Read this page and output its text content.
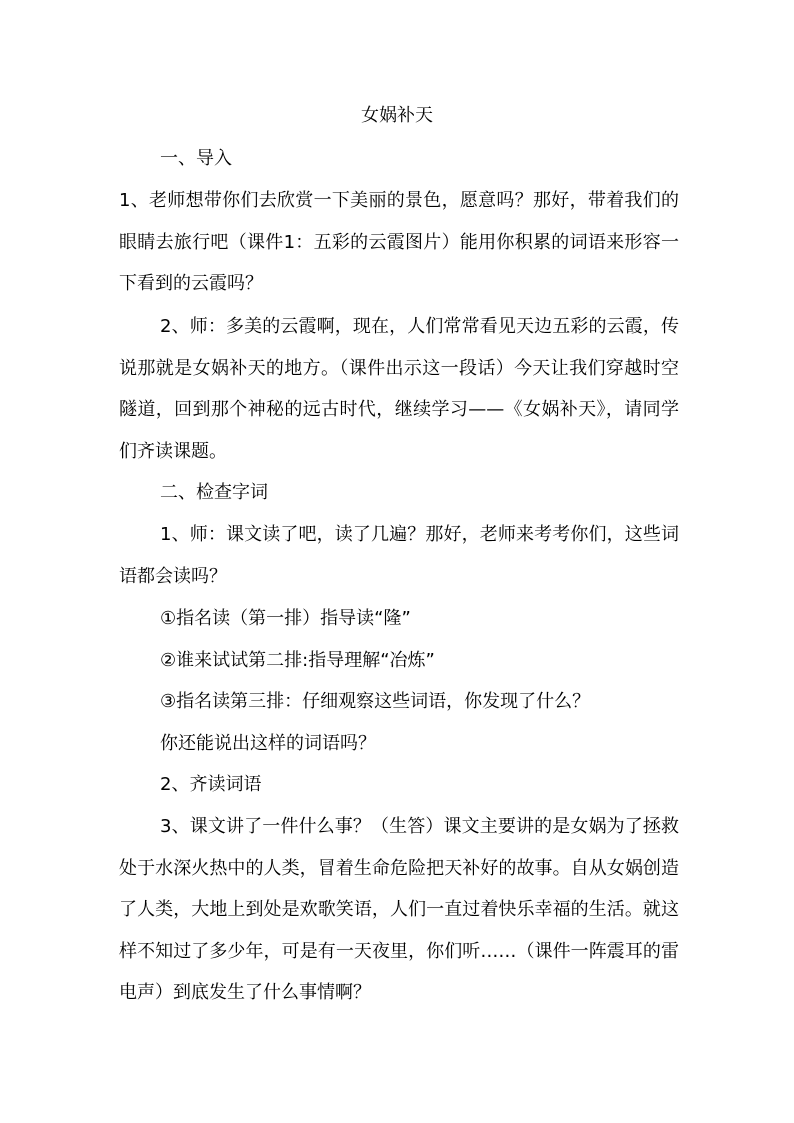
女娲补天
一、导入
1、老师想带你们去欣赏一下美丽的景色，愿意吗？那好，带着我们的眼睛去旅行吧（课件1：五彩的云霞图片）能用你积累的词语来形容一下看到的云霞吗？
2、师：多美的云霞啊，现在，人们常常看见天边五彩的云霞，传说那就是女娲补天的地方。（课件出示这一段话）今天让我们穿越时空隧道，回到那个神秘的远古时代，继续学习——《女娲补天》，请同学们齐读课题。
二、检查字词
1、师：课文读了吧，读了几遍？那好，老师来考考你们，这些词语都会读吗？
①指名读（第一排）指导读“隆”
②谁来试试第二排:指导理解“冶炼”
③指名读第三排：仔细观察这些词语，你发现了什么？
你还能说出这样的词语吗？
2、齐读词语
3、课文讲了一件什么事？（生答）课文主要讲的是女娲为了拯救处于水深火热中的人类，冒着生命危险把天补好的故事。自从女娲创造了人类，大地上到处是欢歌笑语，人们一直过着快乐幸福的生活。就这样不知过了多少年，可是有一天夜里，你们听……（课件一阵震耳的雷电声）到底发生了什么事情啊？
